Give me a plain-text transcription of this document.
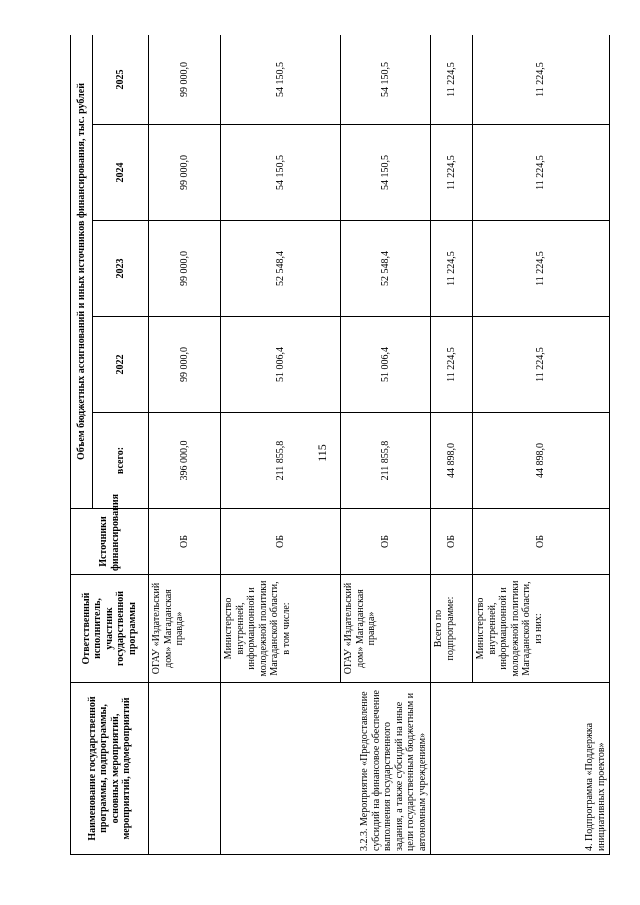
115
Наименование государственной программы, подпрограммы, основных мероприятий, мероприятий, подмероприятий	Ответственный исполнитель, участник государственной программы	Источники финансирования	Объем бюджетных ассигнований и иных источников финансирования, тыс. рублей				
			всего:	2022	2023	2024	2025
	ОГАУ «Издательский дом» Магаданская правда»	ОБ	396 000,0	99 000,0	99 000,0	99 000,0	99 000,0
3.2.3. Мероприятие «Предоставление субсидий на финансовое обеспечение выполнения государственного задания, а также субсидий на иные цели государственным бюджетным и автономным учреждениям»	Министерство внутренней, информационной и молодежной политики Магаданской области, в том числе:	ОБ	211 855,8	51 006,4	52 548,4	54 150,5	54 150,5
	ОГАУ «Издательский дом» Магаданская правда»	ОБ	211 855,8	51 006,4	52 548,4	54 150,5	54 150,5
4. Подпрограмма «Поддержка инициативных проектов»	Всего по подпрограмме:	ОБ	44 898,0	11 224,5	11 224,5	11 224,5	11 224,5
	Министерство внутренней, информационной и молодежной политики Магаданской области, из них:	ОБ	44 898,0	11 224,5	11 224,5	11 224,5	11 224,5
